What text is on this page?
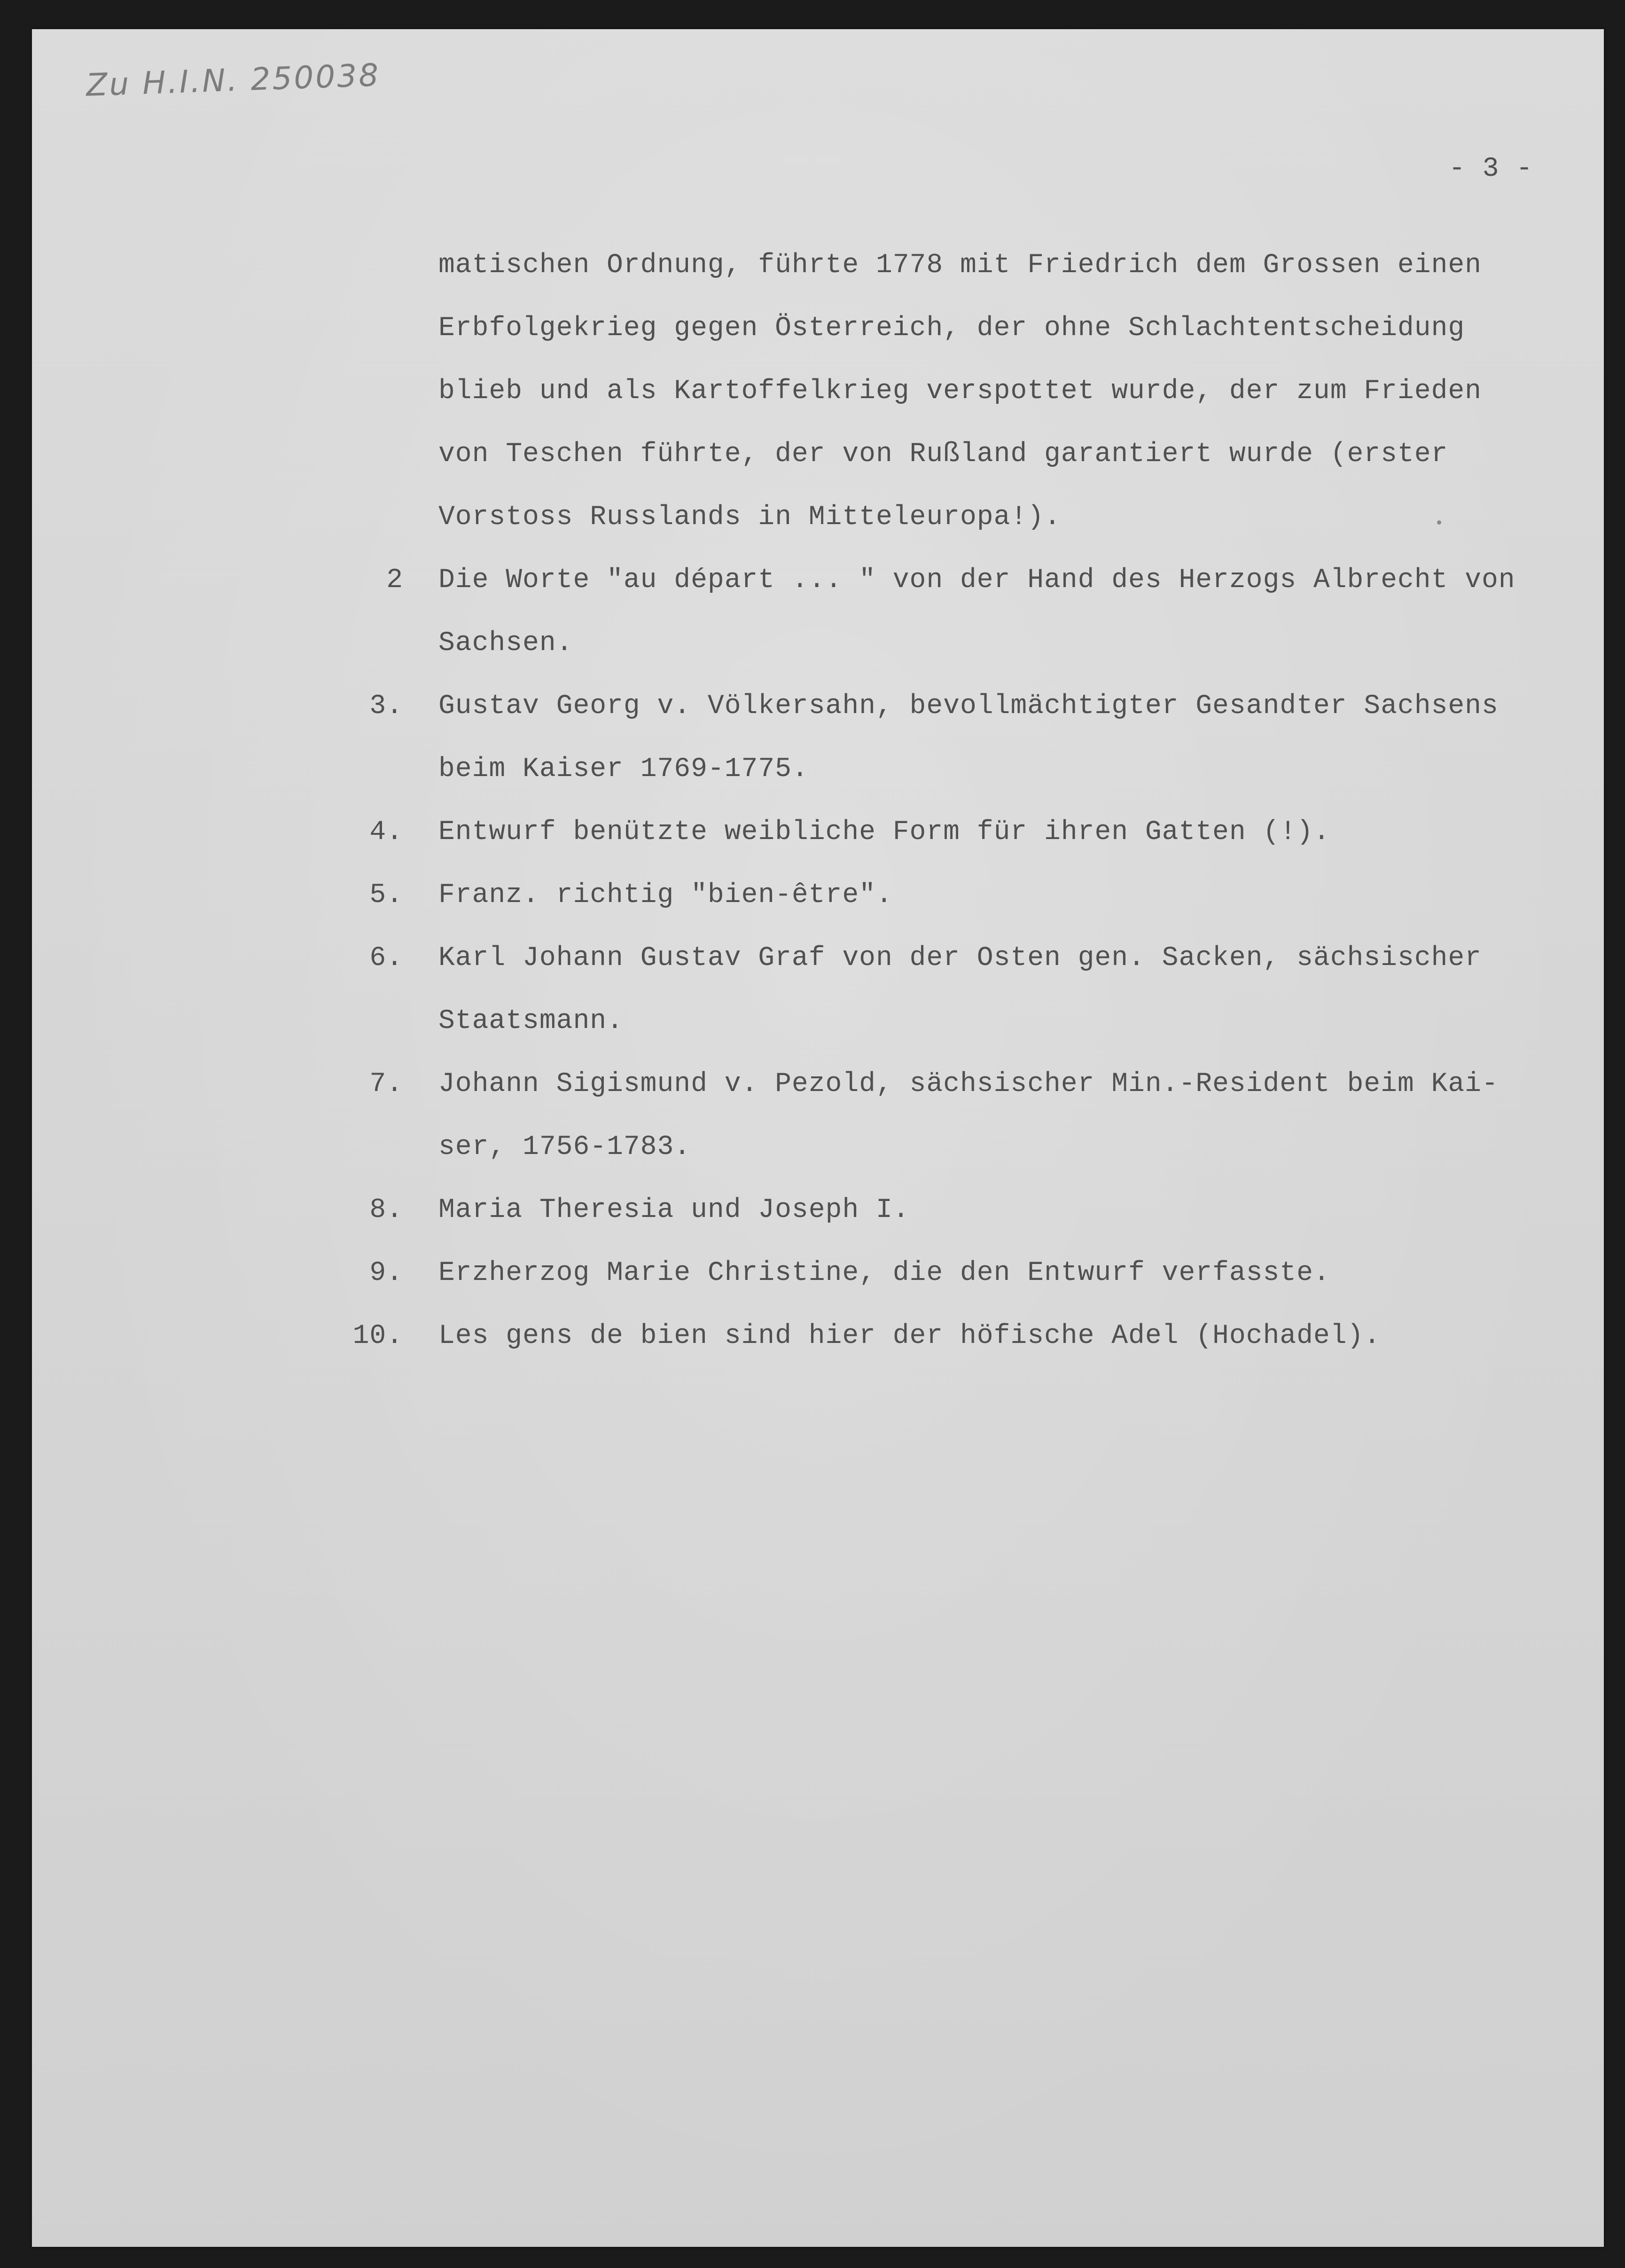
Zu H.I.N. 250038
- 3 -
matischen Ordnung, führte 1778 mit Friedrich dem Grossen einen
Erbfolgekrieg gegen Österreich, der ohne Schlachtentscheidung
blieb und als Kartoffelkrieg verspottet wurde, der zum Frieden
von Teschen führte, der von Rußland garantiert wurde (erster
Vorstoss Russlands in Mitteleuropa!).
2 Die Worte "au départ ... " von der Hand des Herzogs Albrecht von
Sachsen.
3. Gustav Georg v. Völkersahn, bevollmächtigter Gesandter Sachsens
beim Kaiser 1769-1775.
4. Entwurf benützte weibliche Form für ihren Gatten (!).
5. Franz. richtig "bien-être".
6. Karl Johann Gustav Graf von der Osten gen. Sacken, sächsischer
Staatsmann.
7. Johann Sigismund v. Pezold, sächsischer Min.-Resident beim Kai-
ser, 1756-1783.
8. Maria Theresia und Joseph I.
9. Erzherzog Marie Christine, die den Entwurf verfasste.
10. Les gens de bien sind hier der höfische Adel (Hochadel).
